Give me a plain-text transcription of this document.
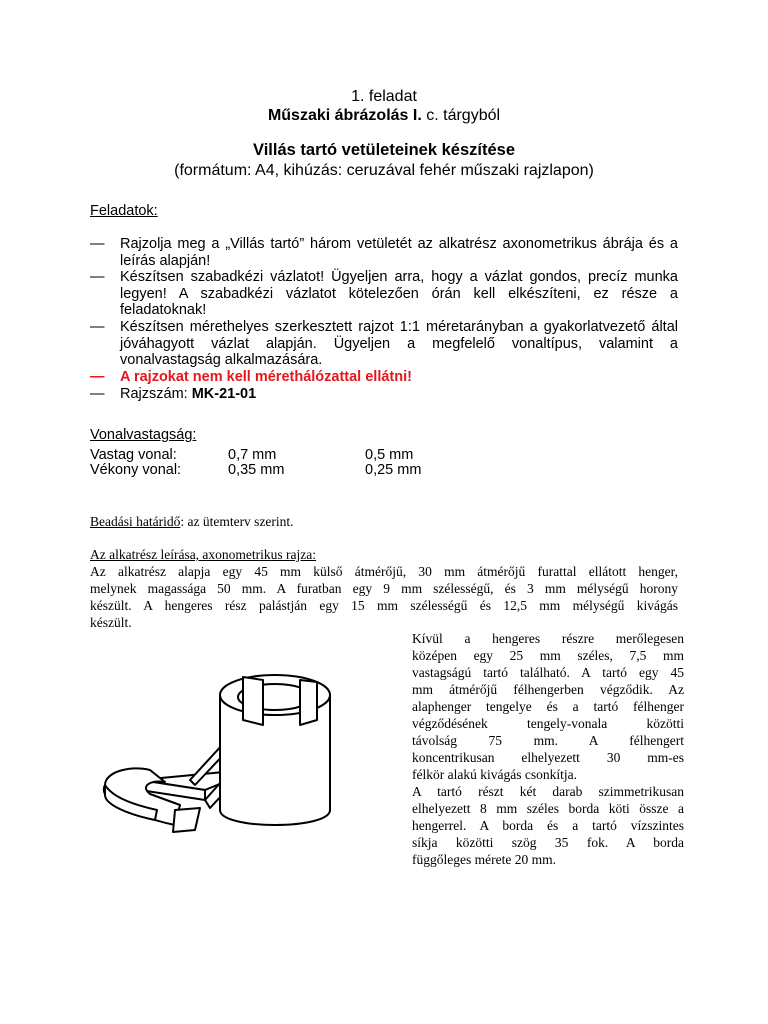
1. feladat
Műszaki ábrázolás I. c. tárgyból
Villás tartó vetületeinek készítése
(formátum: A4, kihúzás: ceruzával fehér műszaki rajzlapon)
Feladatok:
—	Rajzolja meg a „Villás tartó” három vetületét az alkatrész axonometrikus ábrája és a leírás alapján!
—	Készítsen szabadkézi vázlatot! Ügyeljen arra, hogy a vázlat gondos, precíz munka legyen! A szabadkézi vázlatot kötelezően órán kell elkészíteni, ez része a feladatoknak!
—	Készítsen mérethelyes szerkesztett rajzot 1:1 méretarányban a gyakorlatvezető által jóváhagyott vázlat alapján. Ügyeljen a megfelelő vonaltípus, valamint a vonalvastagság alkalmazására.
—	A rajzokat nem kell mérethálózattal ellátni!
—	Rajzszám: MK-21-01
Vonalvastagság:
Vastag vonal:	0,7 mm	0,5 mm
Vékony vonal:	0,35 mm	0,25 mm
Beadási határidő: az ütemterv szerint.
Az alkatrész leírása, axonometrikus rajza:
Az alkatrész alapja egy 45 mm külső átmérőjű, 30 mm átmérőjű furattal ellátott henger,
melynek magassága 50 mm. A furatban egy 9 mm szélességű, és 3 mm mélységű horony
készült. A hengeres rész palástján egy 15 mm szélességű és 12,5 mm mélységű kivágás
készült.
Kívül a hengeres részre merőlegesen
középen egy 25 mm széles, 7,5 mm
vastagságú tartó található. A tartó egy 45
mm átmérőjű félhengerben végződik. Az
alaphenger tengelye és a tartó félhenger
végződésének tengely-vonala közötti
távolság 75 mm. A félhengert
koncentrikusan elhelyezett 30 mm-es
félkör alakú kivágás csonkítja.
A tartó részt két darab szimmetrikusan
elhelyezett 8 mm széles borda köti össze a
hengerrel. A borda és a tartó vízszintes
síkja közötti szög 35 fok. A borda
függőleges mérete 20 mm.
